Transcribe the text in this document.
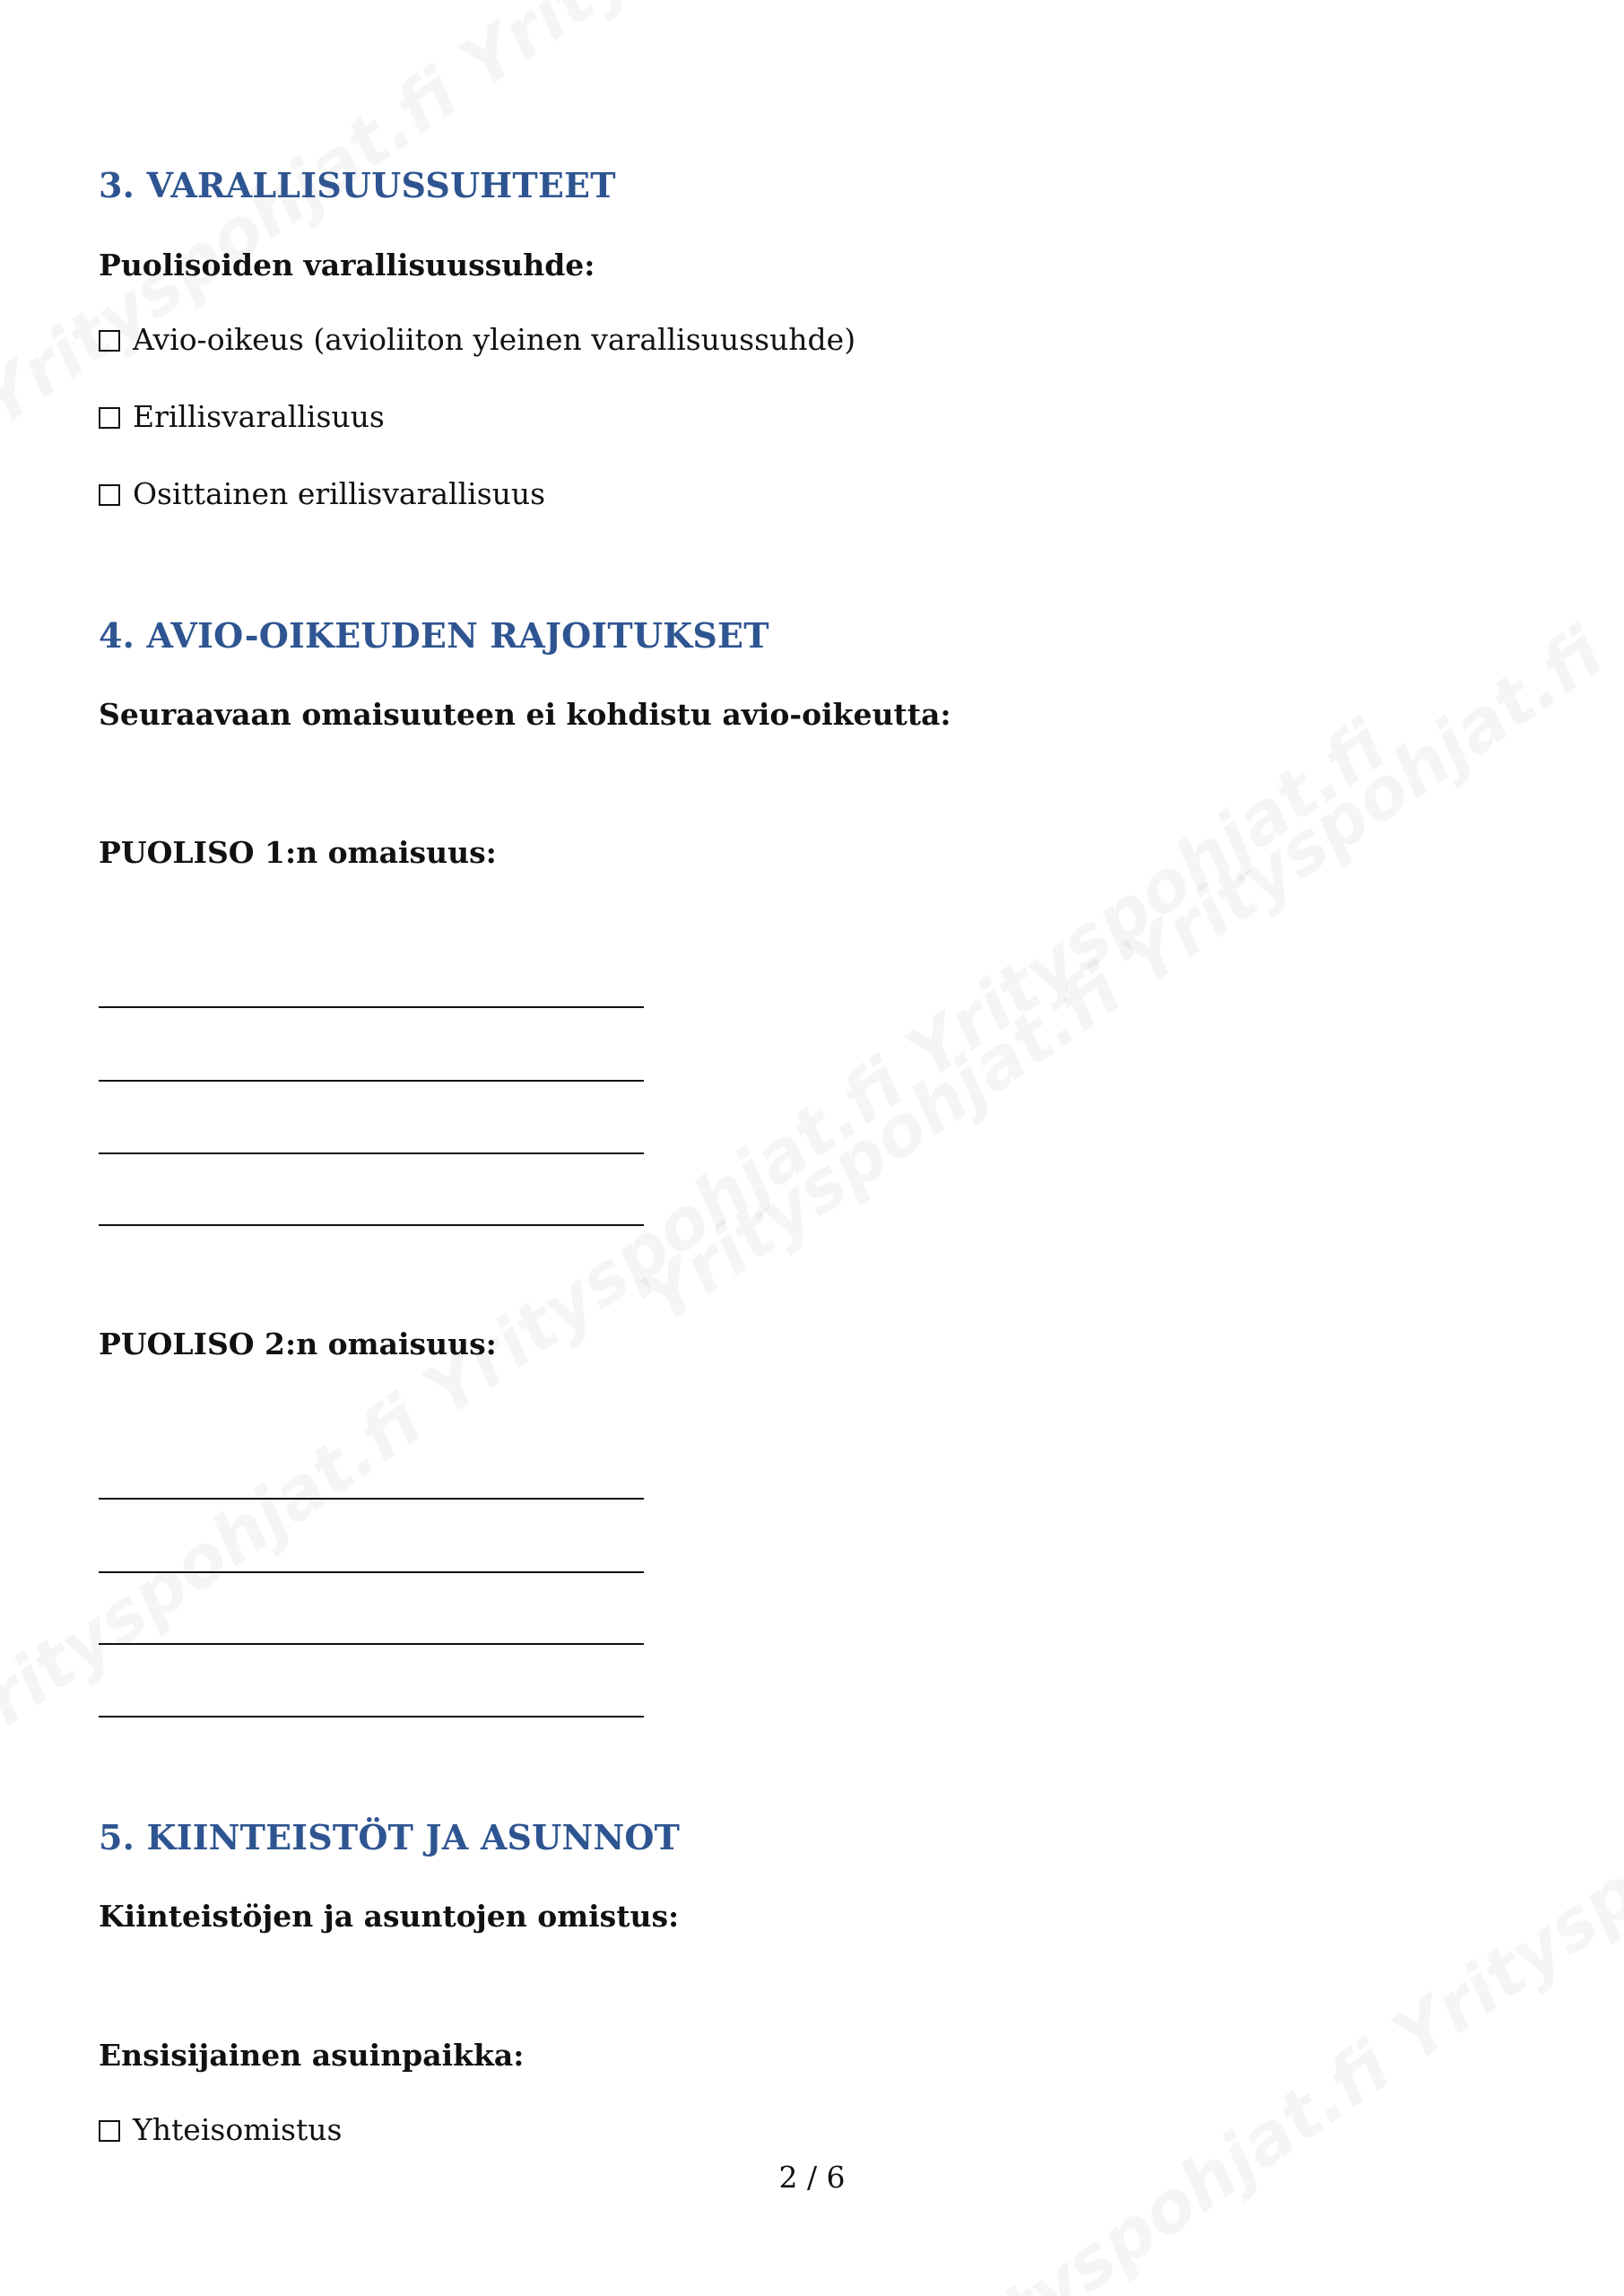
3. VARALLISUUSSUHTEET
Puolisoiden varallisuussuhde:
Avio-oikeus (avioliiton yleinen varallisuussuhde)
Erillisvarallisuus
Osittainen erillisvarallisuus
4. AVIO-OIKEUDEN RAJOITUKSET
Seuraavaan omaisuuteen ei kohdistu avio-oikeutta:
PUOLISO 1:n omaisuus:
PUOLISO 2:n omaisuus:
5. KIINTEISTÖT JA ASUNNOT
Kiinteistöjen ja asuntojen omistus:
Ensisijainen asuinpaikka:
Yhteisomistus
2 / 6
